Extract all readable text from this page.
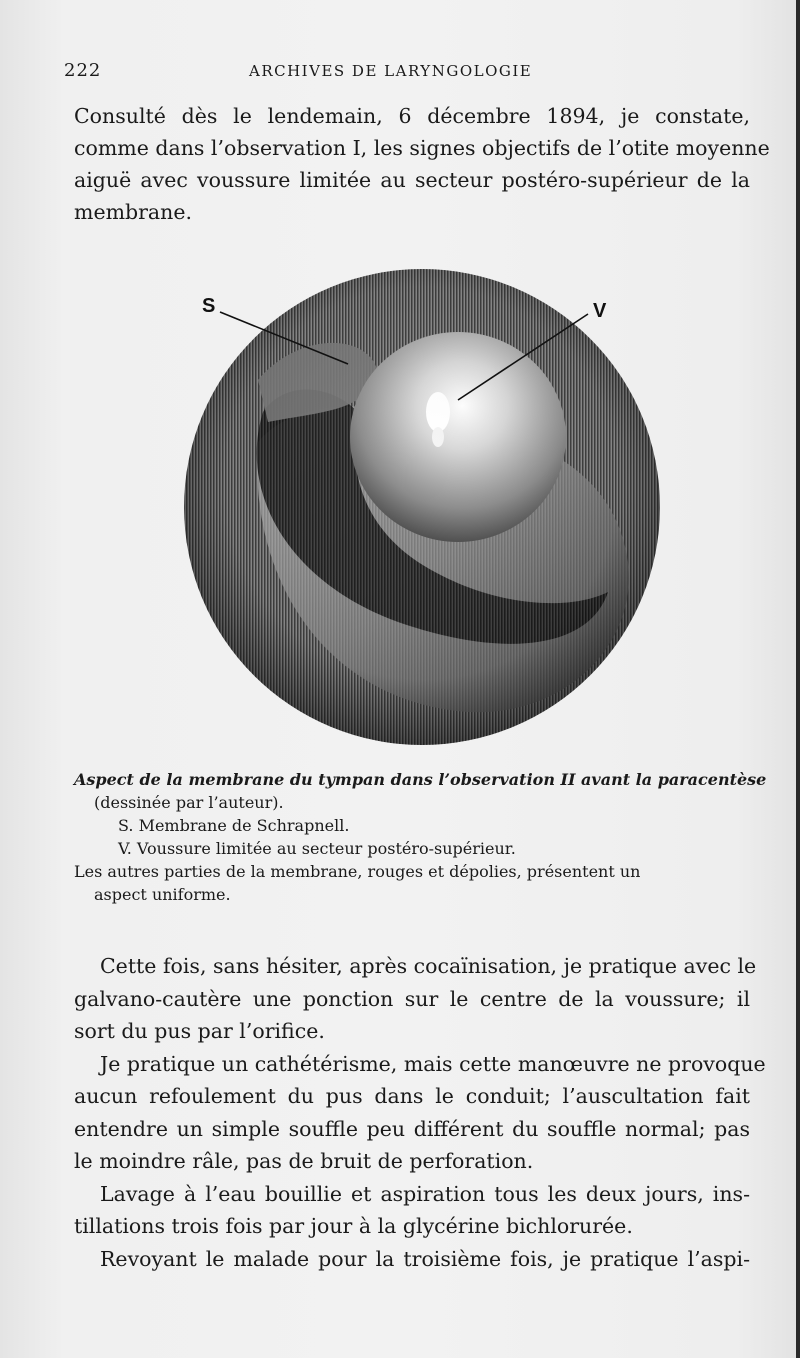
222	ARCHIVES DE LARYNGOLOGIE

Consulté dès le lendemain, 6 décembre 1894, je constate,
comme dans l’observation I, les signes objectifs de l’otite moyenne
aiguë avec voussure limitée au secteur postéro-supérieur de la
membrane.

S	V
Aspect de la membrane du tympan dans l’observation II avant la paracentèse
(dessinée par l’auteur).
S. Membrane de Schrapnell.
V. Voussure limitée au secteur postéro-supérieur.
Les autres parties de la membrane, rouges et dépolies, présentent un
aspect uniforme.
Cette fois, sans hésiter, après cocaïnisation, je pratique avec le
galvano-cautère une ponction sur le centre de la voussure; il
sort du pus par l’orifice.
Je pratique un cathétérisme, mais cette manœuvre ne provoque
aucun refoulement du pus dans le conduit; l’auscultation fait
entendre un simple souffle peu différent du souffle normal; pas
le moindre râle, pas de bruit de perforation.
Lavage à l’eau bouillie et aspiration tous les deux jours, ins-
tillations trois fois par jour à la glycérine bichlorurée.
Revoyant le malade pour la troisième fois, je pratique l’aspi-
